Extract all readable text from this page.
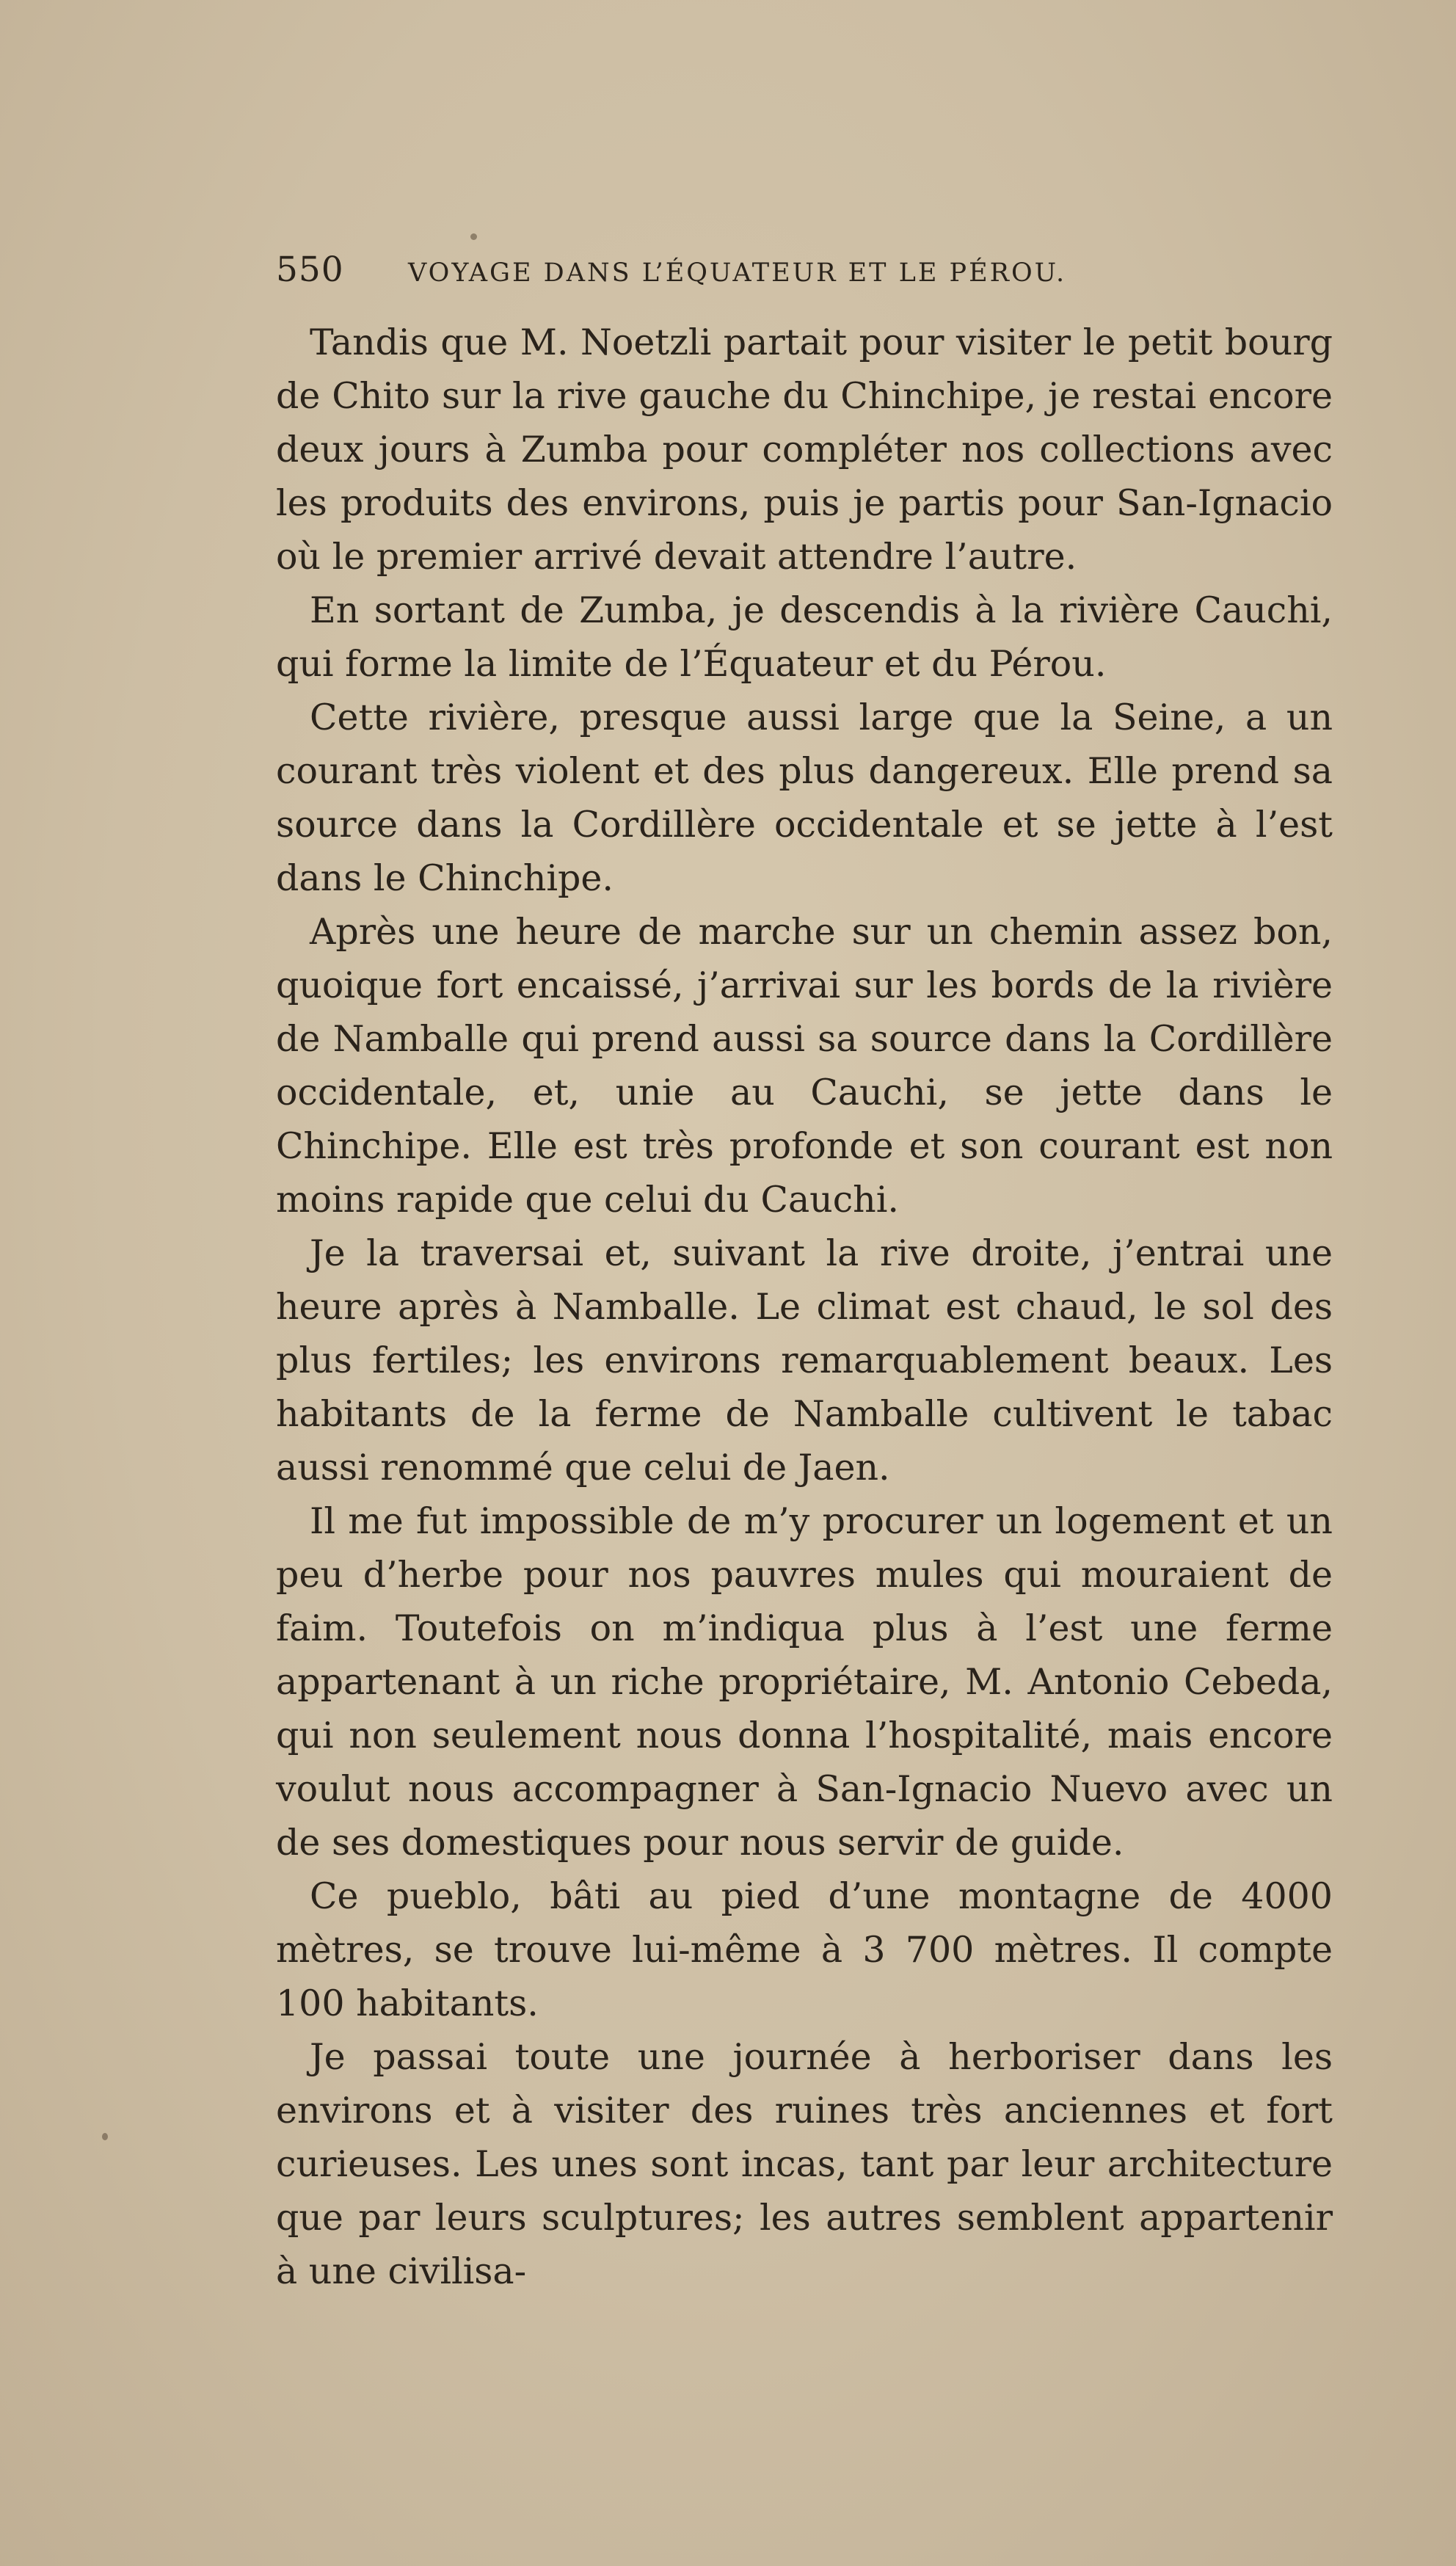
550	VOYAGE DANS L’ÉQUATEUR ET LE PÉROU.

Tandis que M. Noetzli partait pour visiter le petit bourg de Chito sur la rive gauche du Chinchipe, je restai encore deux jours à Zumba pour compléter nos collections avec les produits des environs, puis je partis pour San-Ignacio où le premier arrivé devait attendre l’autre.

En sortant de Zumba, je descendis à la rivière Cauchi, qui forme la limite de l’Équateur et du Pérou.

Cette rivière, presque aussi large que la Seine, a un courant très violent et des plus dangereux. Elle prend sa source dans la Cordillère occidentale et se jette à l’est dans le Chinchipe.

Après une heure de marche sur un chemin assez bon, quoique fort encaissé, j’arrivai sur les bords de la rivière de Namballe qui prend aussi sa source dans la Cordillère occidentale, et, unie au Cauchi, se jette dans le Chinchipe. Elle est très profonde et son courant est non moins rapide que celui du Cauchi.

Je la traversai et, suivant la rive droite, j’entrai une heure après à Namballe. Le climat est chaud, le sol des plus fertiles; les environs remarquablement beaux. Les habitants de la ferme de Namballe cultivent le tabac aussi renommé que celui de Jaen.

Il me fut impossible de m’y procurer un logement et un peu d’herbe pour nos pauvres mules qui mouraient de faim. Toutefois on m’indiqua plus à l’est une ferme appartenant à un riche propriétaire, M. Antonio Cebeda, qui non seulement nous donna l’hospitalité, mais encore voulut nous accompagner à San-Ignacio Nuevo avec un de ses domestiques pour nous servir de guide.

Ce pueblo, bâti au pied d’une montagne de 4000 mètres, se trouve lui-même à 3 700 mètres. Il compte 100 habitants.

Je passai toute une journée à herboriser dans les environs et à visiter des ruines très anciennes et fort curieuses. Les unes sont incas, tant par leur architecture que par leurs sculptures; les autres semblent appartenir à une civilisa-
